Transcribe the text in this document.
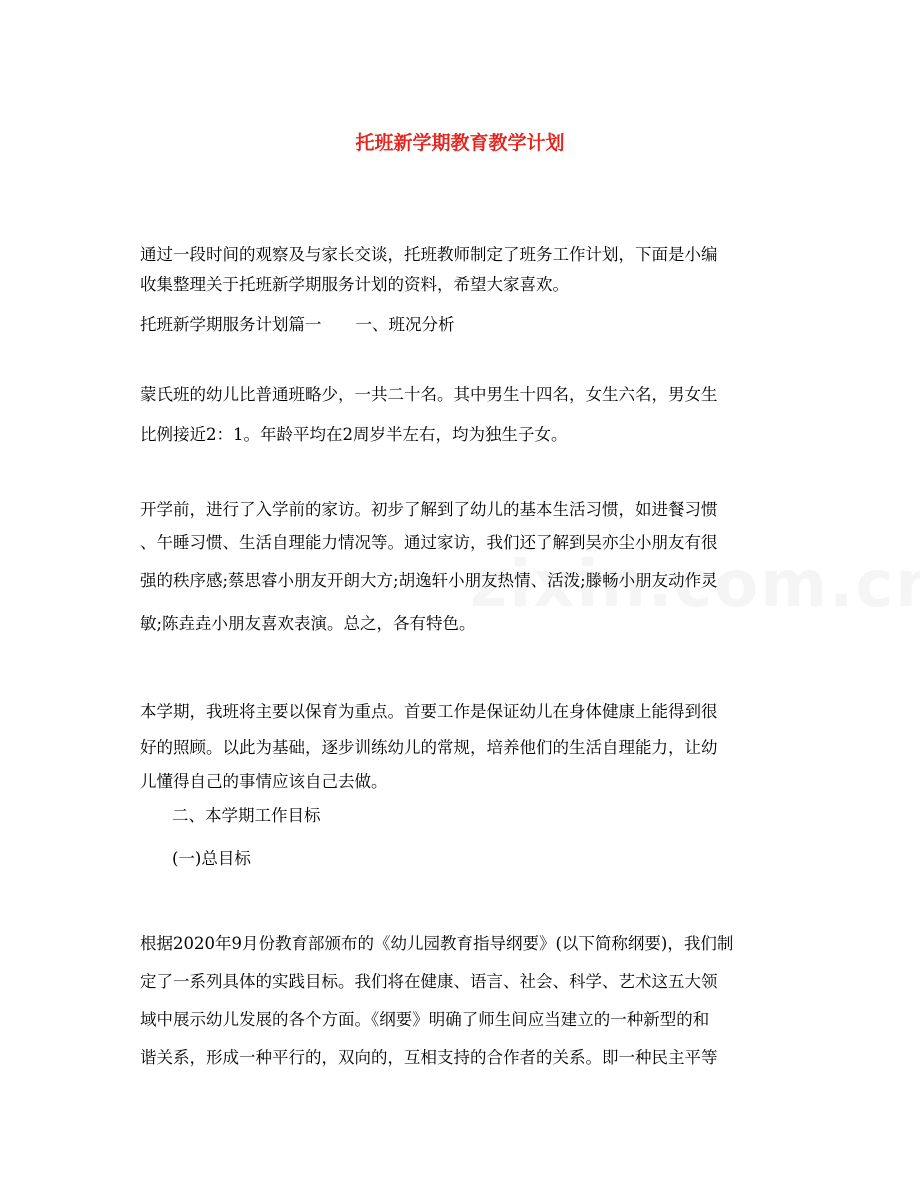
托班新学期教育教学计划
通过一段时间的观察及与家长交谈，托班教师制定了班务工作计划，下面是小编
收集整理关于托班新学期服务计划的资料，希望大家喜欢。
托班新学期服务计划篇一 一、班况分析
蒙氏班的幼儿比普通班略少，一共二十名。其中男生十四名，女生六名，男女生
比例接近2：1。年龄平均在2周岁半左右，均为独生子女。
开学前，进行了入学前的家访。初步了解到了幼儿的基本生活习惯，如进餐习惯
、午睡习惯、生活自理能力情况等。通过家访，我们还了解到吴亦尘小朋友有很
强的秩序感;蔡思睿小朋友开朗大方;胡逸轩小朋友热情、活泼;滕畅小朋友动作灵
敏;陈垚垚小朋友喜欢表演。总之，各有特色。
本学期，我班将主要以保育为重点。首要工作是保证幼儿在身体健康上能得到很
好的照顾。以此为基础，逐步训练幼儿的常规，培养他们的生活自理能力，让幼
儿懂得自己的事情应该自己去做。
二、本学期工作目标
(一)总目标
根据2020年9月份教育部颁布的《幼儿园教育指导纲要》(以下简称纲要)，我们制
定了一系列具体的实践目标。我们将在健康、语言、社会、科学、艺术这五大领
域中展示幼儿发展的各个方面。《纲要》明确了师生间应当建立的一种新型的和
谐关系，形成一种平行的，双向的，互相支持的合作者的关系。即一种民主平等
